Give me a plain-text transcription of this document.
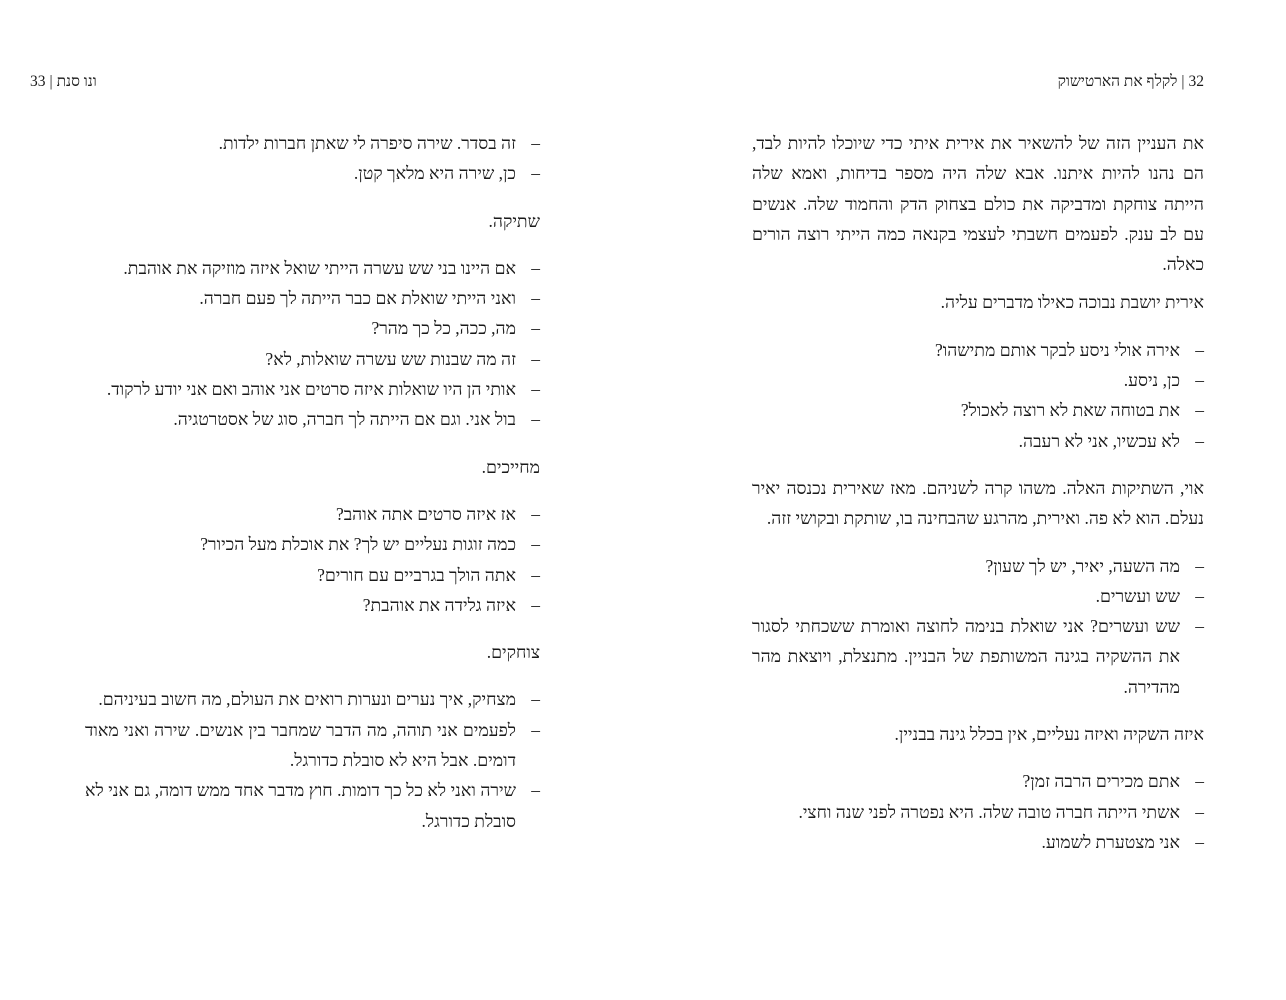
ונו סנת|33
–
זה בסדר. שירה סיפרה לי שאתן חברות ילדות.
–
כן, שירה היא מלאך קטן.

שתיקה.

–
אם היינו בני שש עשרה הייתי שואל איזה מוזיקה את אוהבת.
–
ואני הייתי שואלת אם כבר הייתה לך פעם חברה.
–
מה, ככה, כל כך מהר?
–
זה מה שבנות שש עשרה שואלות, לא?
–
אותי הן היו שואלות איזה סרטים אני אוהב ואם אני יודע לרקוד.
–
בול אני. וגם אם הייתה לך חברה, סוג של אסטרטגיה.

מחייכים.

–
אז איזה סרטים אתה אוהב?
–
כמה זוגות נעליים יש לך? את אוכלת מעל הכיור?
–
אתה הולך בגרביים עם חורים?
–
איזה גלידה את אוהבת?

צוחקים.

–
מצחיק, איך נערים ונערות רואים את העולם, מה חשוב בעיניהם.
–
לפעמים אני תוהה, מה הדבר שמחבר בין אנשים. שירה ואני מאוד דומים. אבל היא לא סובלת כדורגל.
–
שירה ואני לא כל כך דומות. חוץ מדבר אחד ממש דומה, גם אני לא סובלת כדורגל.
32|לקלף את הארטישוק

את העניין הזה של להשאיר את אירית איתי כדי שיוכלו להיות לבד, הם נהנו להיות איתנו. אבא שלה היה מספר בדיחות, ואמא שלה הייתה צוחקת ומדביקה את כולם בצחוק הדק והחמוד שלה. אנשים עם לב ענק. לפעמים חשבתי לעצמי בקנאה כמה הייתי רוצה הורים כאלה.

אירית יושבת נבוכה כאילו מדברים עליה.

–
אירה אולי ניסע לבקר אותם מתישהו?
–
כן, ניסע.
–
את בטוחה שאת לא רוצה לאכול?
–
לא עכשיו, אני לא רעבה.

אוי, השתיקות האלה. משהו קרה לשניהם. מאז שאירית נכנסה יאיר נעלם. הוא לא פה. ואירית, מהרגע שהבחינה בו, שותקת ובקושי זזה.

–
מה השעה, יאיר, יש לך שעון?
–
שש ועשרים.
–
שש ועשרים? אני שואלת בנימה לחוצה ואומרת ששכחתי לסגור את ההשקיה בגינה המשותפת של הבניין. מתנצלת, ויוצאת מהר מהדירה.

איזה השקיה ואיזה נעליים, אין בכלל גינה בבניין.

–
אתם מכירים הרבה זמן?
–
אשתי הייתה חברה טובה שלה. היא נפטרה לפני שנה וחצי.
–
אני מצטערת לשמוע.
